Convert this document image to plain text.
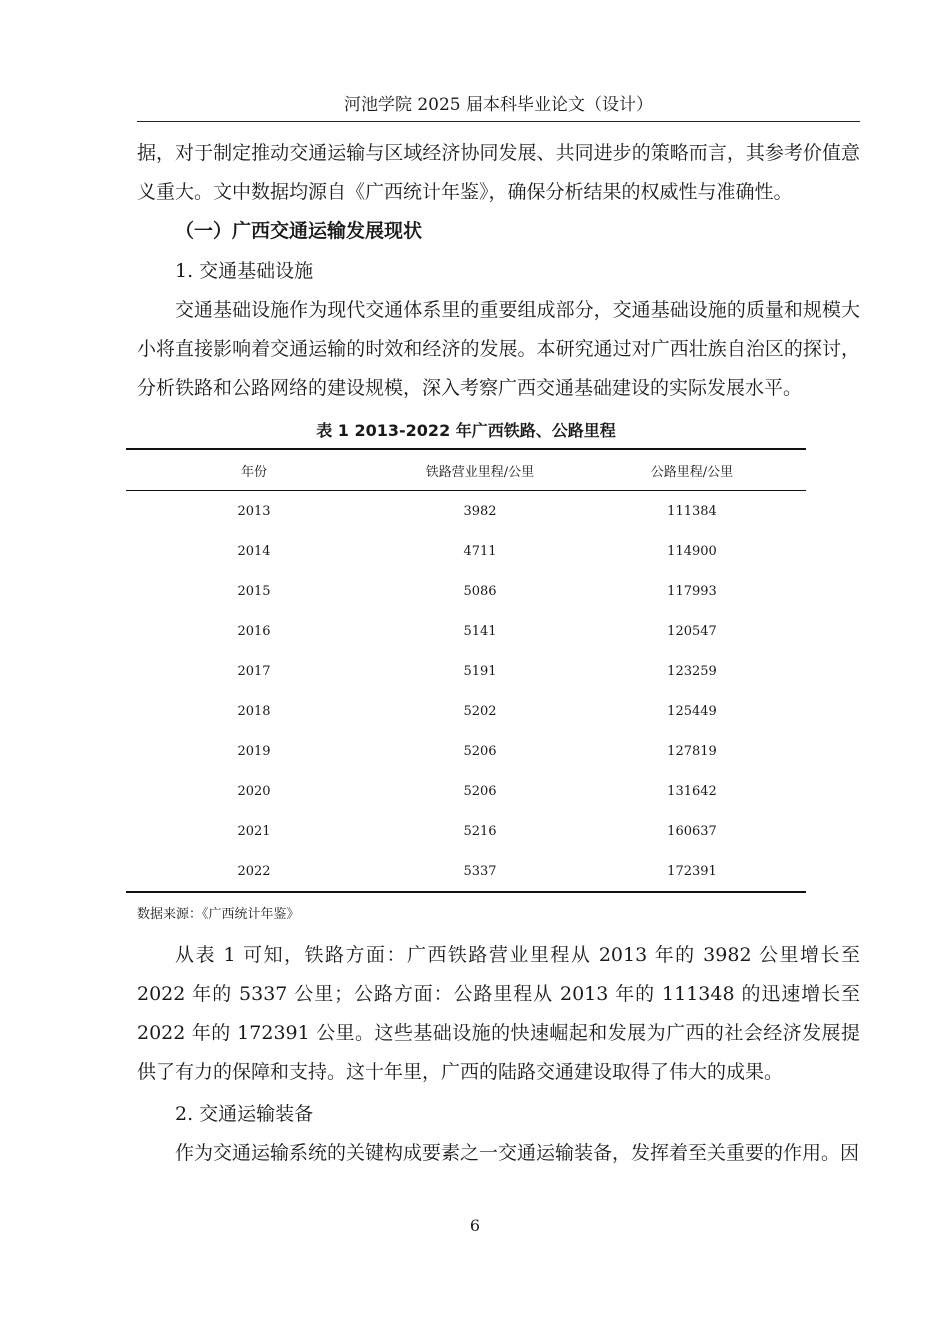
河池学院 2025 届本科毕业论文（设计）

据，对于制定推动交通运输与区域经济协同发展、共同进步的策略而言，其参考价值意义重大。文中数据均源自《广西统计年鉴》，确保分析结果的权威性与准确性。

（一）广西交通运输发展现状

1. 交通基础设施

交通基础设施作为现代交通体系里的重要组成部分，交通基础设施的质量和规模大小将直接影响着交通运输的时效和经济的发展。本研究通过对广西壮族自治区的探讨，分析铁路和公路网络的建设规模，深入考察广西交通基础建设的实际发展水平。

表 1 2013-2022 年广西铁路、公路里程
年份	铁路营业里程/公里	公路里程/公里
2013	3982	111384
2014	4711	114900
2015	5086	117993
2016	5141	120547
2017	5191	123259
2018	5202	125449
2019	5206	127819
2020	5206	131642
2021	5216	160637
2022	5337	172391
数据来源：《广西统计年鉴》

从表 1 可知，铁路方面：广西铁路营业里程从 2013 年的 3982 公里增长至 2022 年的 5337 公里；公路方面：公路里程从 2013 年的 111348 的迅速增长至 2022 年的 172391 公里。这些基础设施的快速崛起和发展为广西的社会经济发展提供了有力的保障和支持。这十年里，广西的陆路交通建设取得了伟大的成果。

2. 交通运输装备

作为交通运输系统的关键构成要素之一交通运输装备，发挥着至关重要的作用。因

6
